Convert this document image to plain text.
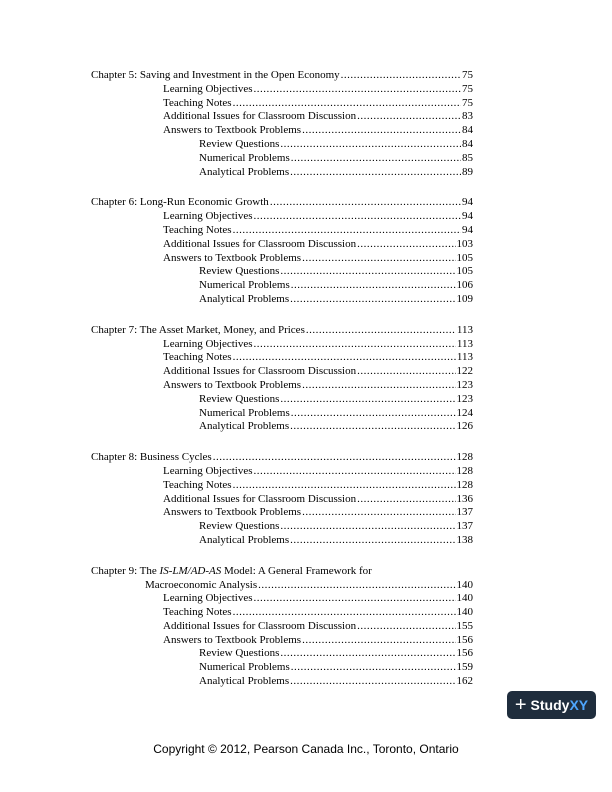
Chapter 5: Saving and Investment in the Open Economy .....	75
Learning Objectives .....	75
Teaching Notes .....	75
Additional Issues for Classroom Discussion .....	83
Answers to Textbook Problems .....	84
Review Questions .....	84
Numerical Problems .....	85
Analytical Problems .....	89
Chapter 6: Long-Run Economic Growth .....	94
Learning Objectives .....	94
Teaching Notes .....	94
Additional Issues for Classroom Discussion .....	103
Answers to Textbook Problems .....	105
Review Questions .....	105
Numerical Problems .....	106
Analytical Problems .....	109
Chapter 7: The Asset Market, Money, and Prices .....	113
Learning Objectives .....	113
Teaching Notes .....	113
Additional Issues for Classroom Discussion .....	122
Answers to Textbook Problems .....	123
Review Questions .....	123
Numerical Problems .....	124
Analytical Problems .....	126
Chapter 8: Business Cycles .....	128
Learning Objectives .....	128
Teaching Notes .....	128
Additional Issues for Classroom Discussion .....	136
Answers to Textbook Problems .....	137
Review Questions .....	137
Analytical Problems .....	138
Chapter 9: The IS-LM/AD-AS Model: A General Framework for
Macroeconomic Analysis .....	140
Learning Objectives .....	140
Teaching Notes .....	140
Additional Issues for Classroom Discussion .....	155
Answers to Textbook Problems .....	156
Review Questions .....	156
Numerical Problems .....	159
Analytical Problems .....	162
+ StudyXY
Copyright © 2012, Pearson Canada Inc., Toronto, Ontario
